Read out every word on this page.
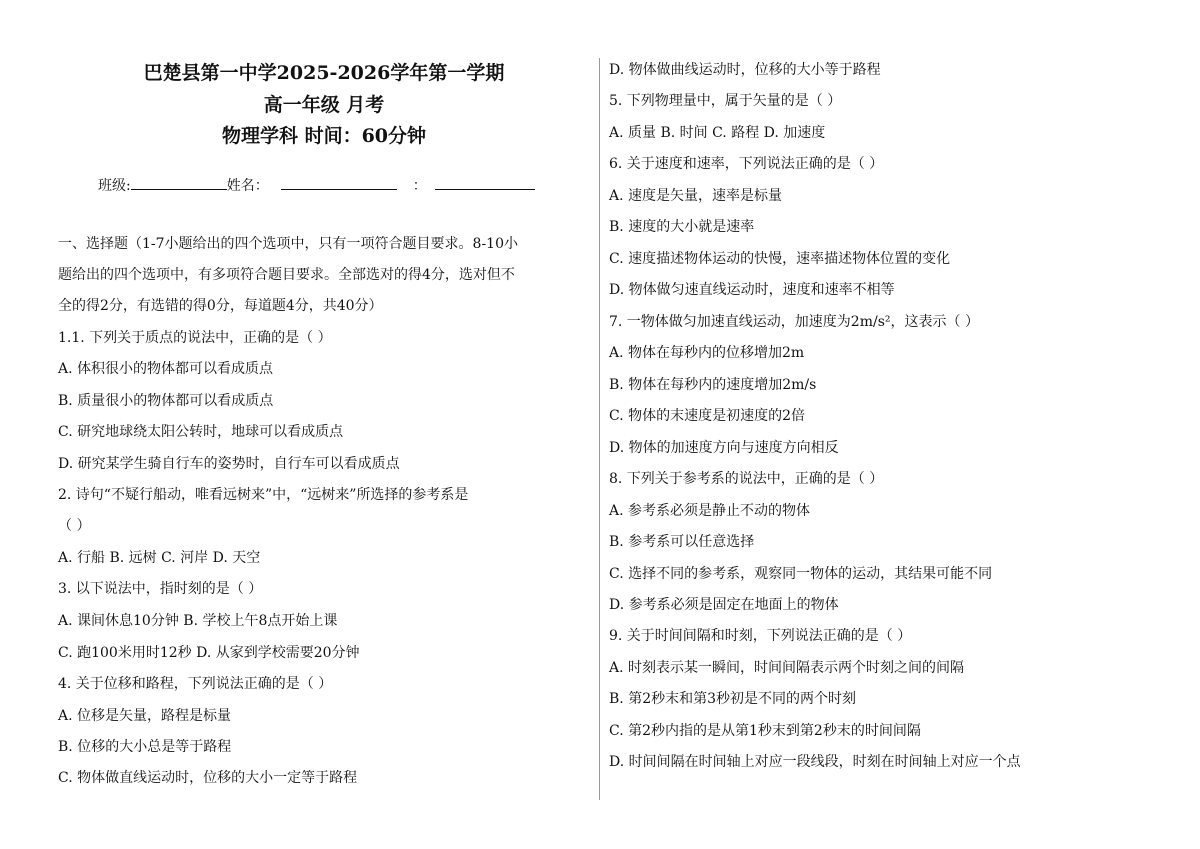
巴楚县第一中学2025-2026学年第一学期
高一年级 月考
物理学科 时间：60分钟
班级:	姓名：	：
一、选择题（1-7小题给出的四个选项中，只有一项符合题目要求。8-10小
题给出的四个选项中，有多项符合题目要求。全部选对的得4分，选对但不
全的得2分，有选错的得0分，每道题4分，共40分）
1.1. 下列关于质点的说法中，正确的是（ ）
A. 体积很小的物体都可以看成质点
B. 质量很小的物体都可以看成质点
C. 研究地球绕太阳公转时，地球可以看成质点
D. 研究某学生骑自行车的姿势时，自行车可以看成质点
2. 诗句“不疑行船动，唯看远树来”中，“远树来”所选择的参考系是
（ ）
A. 行船 B. 远树 C. 河岸 D. 天空
3. 以下说法中，指时刻的是（ ）
A. 课间休息10分钟 B. 学校上午8点开始上课
C. 跑100米用时12秒 D. 从家到学校需要20分钟
4. 关于位移和路程，下列说法正确的是（ ）
A. 位移是矢量，路程是标量
B. 位移的大小总是等于路程
C. 物体做直线运动时，位移的大小一定等于路程
D. 物体做曲线运动时，位移的大小等于路程
5. 下列物理量中，属于矢量的是（ ）
A. 质量 B. 时间 C. 路程 D. 加速度
6. 关于速度和速率，下列说法正确的是（ ）
A. 速度是矢量，速率是标量
B. 速度的大小就是速率
C. 速度描述物体运动的快慢，速率描述物体位置的变化
D. 物体做匀速直线运动时，速度和速率不相等
7. 一物体做匀加速直线运动，加速度为2m/s²，这表示（ ）
A. 物体在每秒内的位移增加2m
B. 物体在每秒内的速度增加2m/s
C. 物体的末速度是初速度的2倍
D. 物体的加速度方向与速度方向相反
8. 下列关于参考系的说法中，正确的是（ ）
A. 参考系必须是静止不动的物体
B. 参考系可以任意选择
C. 选择不同的参考系，观察同一物体的运动，其结果可能不同
D. 参考系必须是固定在地面上的物体
9. 关于时间间隔和时刻，下列说法正确的是（ ）
A. 时刻表示某一瞬间，时间间隔表示两个时刻之间的间隔
B. 第2秒末和第3秒初是不同的两个时刻
C. 第2秒内指的是从第1秒末到第2秒末的时间间隔
D. 时间间隔在时间轴上对应一段线段，时刻在时间轴上对应一个点
